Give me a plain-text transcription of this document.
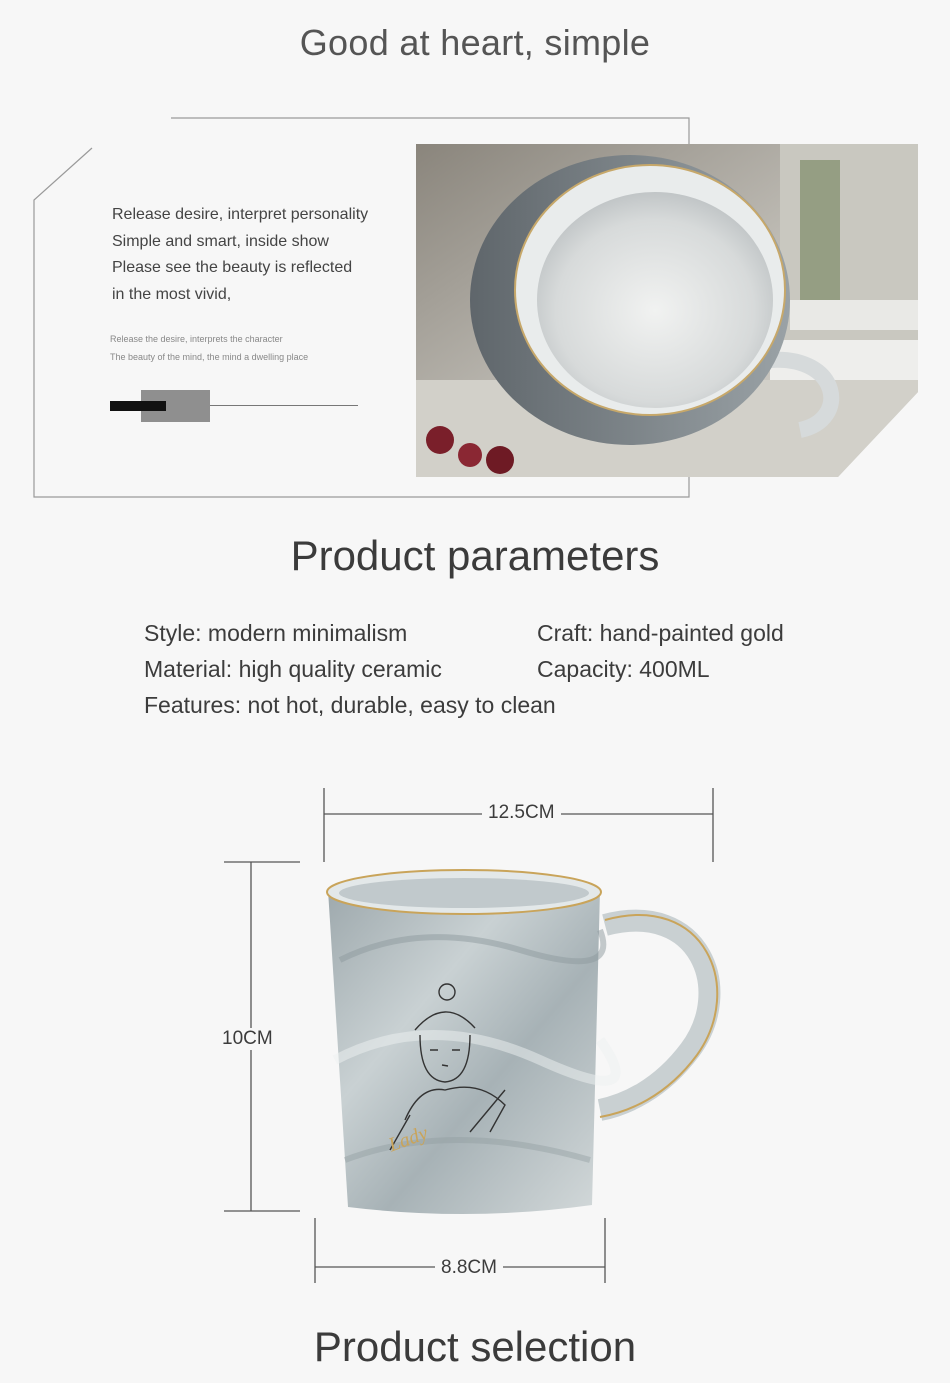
Good at heart, simple
Product parameters
Product selection
Release desire, interpret personality
Simple and smart, inside show
Please see the beauty is reflected
in the most vivid,
Release the desire, interprets the character
The beauty of the mind, the mind a dwelling place
Style: modern minimalism	Craft: hand-painted gold
Material: high quality ceramic	Capacity: 400ML
Features: not hot, durable, easy to clean
Lady
12.5CM
10CM
8.8CM
